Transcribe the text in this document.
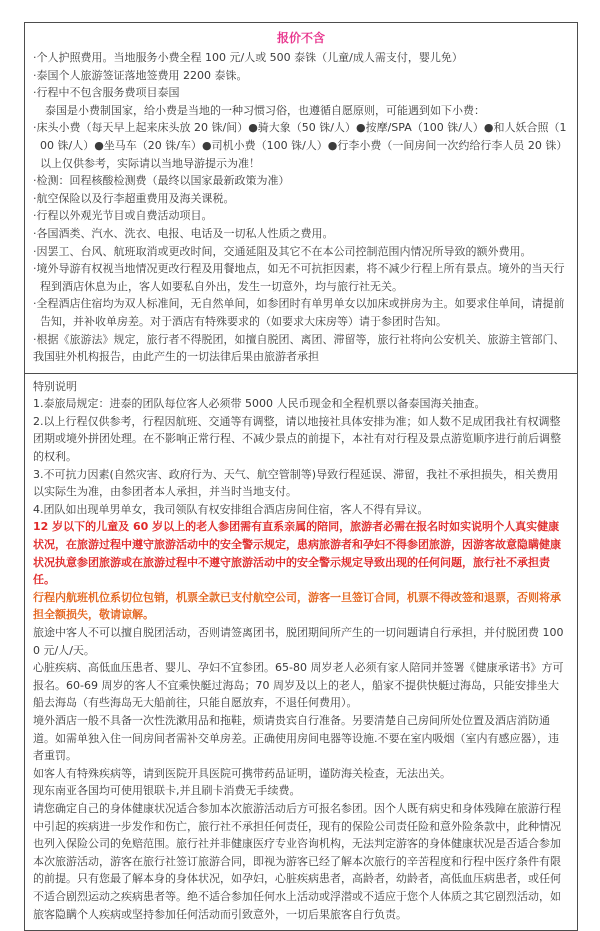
报价不含

·个人护照费用。当地服务小费全程 100 元/人或 500 泰铢（儿童/成人需支付，婴儿免）

·泰国个人旅游签证落地签费用 2200 泰铢。

·行程中不包含服务费项目泰国

泰国是小费制国家，给小费是当地的一种习惯习俗，也遵循自愿原则，可能遇到如下小费：

·床头小费（每天早上起来床头放 20 铢/间）●骑大象（50 铢/人）●按摩/SPA（100 铢/人）●和人妖合照（100 铢/人）●坐马车（20 铢/车）●司机小费（100 铢/人）●行李小费（一间房间一次约给行李人员 20 铢）以上仅供参考，实际请以当地导游提示为准！

·检测：回程核酸检测费（最终以国家最新政策为准）

·航空保险以及行李超重费用及海关课税。

·行程以外观光节目或自费活动项目。

·各国酒类、汽水、洗衣、电报、电话及一切私人性质之费用。

·因罢工、台风、航班取消或更改时间，交通延阻及其它不在本公司控制范围内情况所导致的额外费用。

·境外导游有权视当地情况更改行程及用餐地点，如无不可抗拒因素，将不减少行程上所有景点。境外的当天行程到酒店休息为止，客人如要私自外出，发生一切意外，均与旅行社无关。

·全程酒店住宿均为双人标准间，无自然单间，如参团时有单男单女以加床或拼房为主。如要求住单间，请提前告知，并补收单房差。对于酒店有特殊要求的（如要求大床房等）请于参团时告知。

·根据《旅游法》规定，旅行者不得脱团，如擅自脱团、离团、滞留等，旅行社将向公安机关、旅游主管部门、我国驻外机构报告，由此产生的一切法律后果由旅游者承担

特别说明

1.泰旅局规定：进泰的团队每位客人必须带 5000 人民币现金和全程机票以备泰国海关抽查。

2.以上行程仅供参考，行程因航班、交通等有调整，请以地接社具体安排为准；如人数不足成团我社有权调整团期或境外拼团处理。在不影响正常行程、不减少景点的前提下，本社有对行程及景点游览顺序进行前后调整的权利。

3.不可抗力因素(自然灾害、政府行为、天气、航空管制等)导致行程延误、滞留，我社不承担损失，相关费用以实际生为准，由参团者本人承担，并当时当地支付。

4.团队如出现单男单女，我司领队有权安排组合酒店房间住宿，客人不得有异议。

12 岁以下的儿童及 60 岁以上的老人参团需有直系亲属的陪同，旅游者必需在报名时如实说明个人真实健康状况，在旅游过程中遵守旅游活动中的安全警示规定，患病旅游者和孕妇不得参团旅游，因游客故意隐瞒健康状况执意参团旅游或在旅游过程中不遵守旅游活动中的安全警示规定导致出现的任何问题，旅行社不承担责任。

行程内航班机位系切位包销，机票全款已支付航空公司，游客一旦签订合同，机票不得改签和退票，否则将承担全额损失，敬请谅解。

旅途中客人不可以擅自脱团活动，否则请签离团书，脱团期间所产生的一切问题请自行承担，并付脱团费 1000 元/人/天。

心脏疾病、高低血压患者、婴儿、孕妇不宜参团。65-80 周岁老人必须有家人陪同并签署《健康承诺书》方可报名。60-69 周岁的客人不宜乘快艇过海岛；70 周岁及以上的老人，船家不提供快艇过海岛，只能安排坐大船去海岛（有些海岛无大船前往，只能自愿放弃，不退任何费用）。

境外酒店一般不具备一次性洗漱用品和拖鞋，烦请贵宾自行准备。另要清楚自己房间所处位置及酒店消防通道。如需单独入住一间房间者需补交单房差。正确使用房间电器等设施.不要在室内吸烟（室内有感应器），违者重罚。

如客人有特殊疾病等，请到医院开具医院可携带药品证明，谨防海关检查，无法出关。

现东南亚各国均可使用银联卡,并且刷卡消费无手续费。

请您确定自己的身体健康状况适合参加本次旅游活动后方可报名参团。因个人既有病史和身体残障在旅游行程中引起的疾病进一步发作和伤亡，旅行社不承担任何责任，现有的保险公司责任险和意外险条款中，此种情况也列入保险公司的免赔范围。旅行社并非健康医疗专业咨询机构，无法判定游客的身体健康状况是否适合参加本次旅游活动，游客在旅行社签订旅游合同，即视为游客已经了解本次旅行的辛苦程度和行程中医疗条件有限的前提。只有您最了解本身的身体状况，如孕妇，心脏疾病患者，高龄者，幼龄者，高低血压病患者，或任何不适合剧烈运动之疾病患者等。绝不适合参加任何水上活动或浮潜或不适应于您个人体质之其它剧烈活动，如旅客隐瞒个人疾病或坚持参加任何活动而引致意外，一切后果旅客自行负责。
